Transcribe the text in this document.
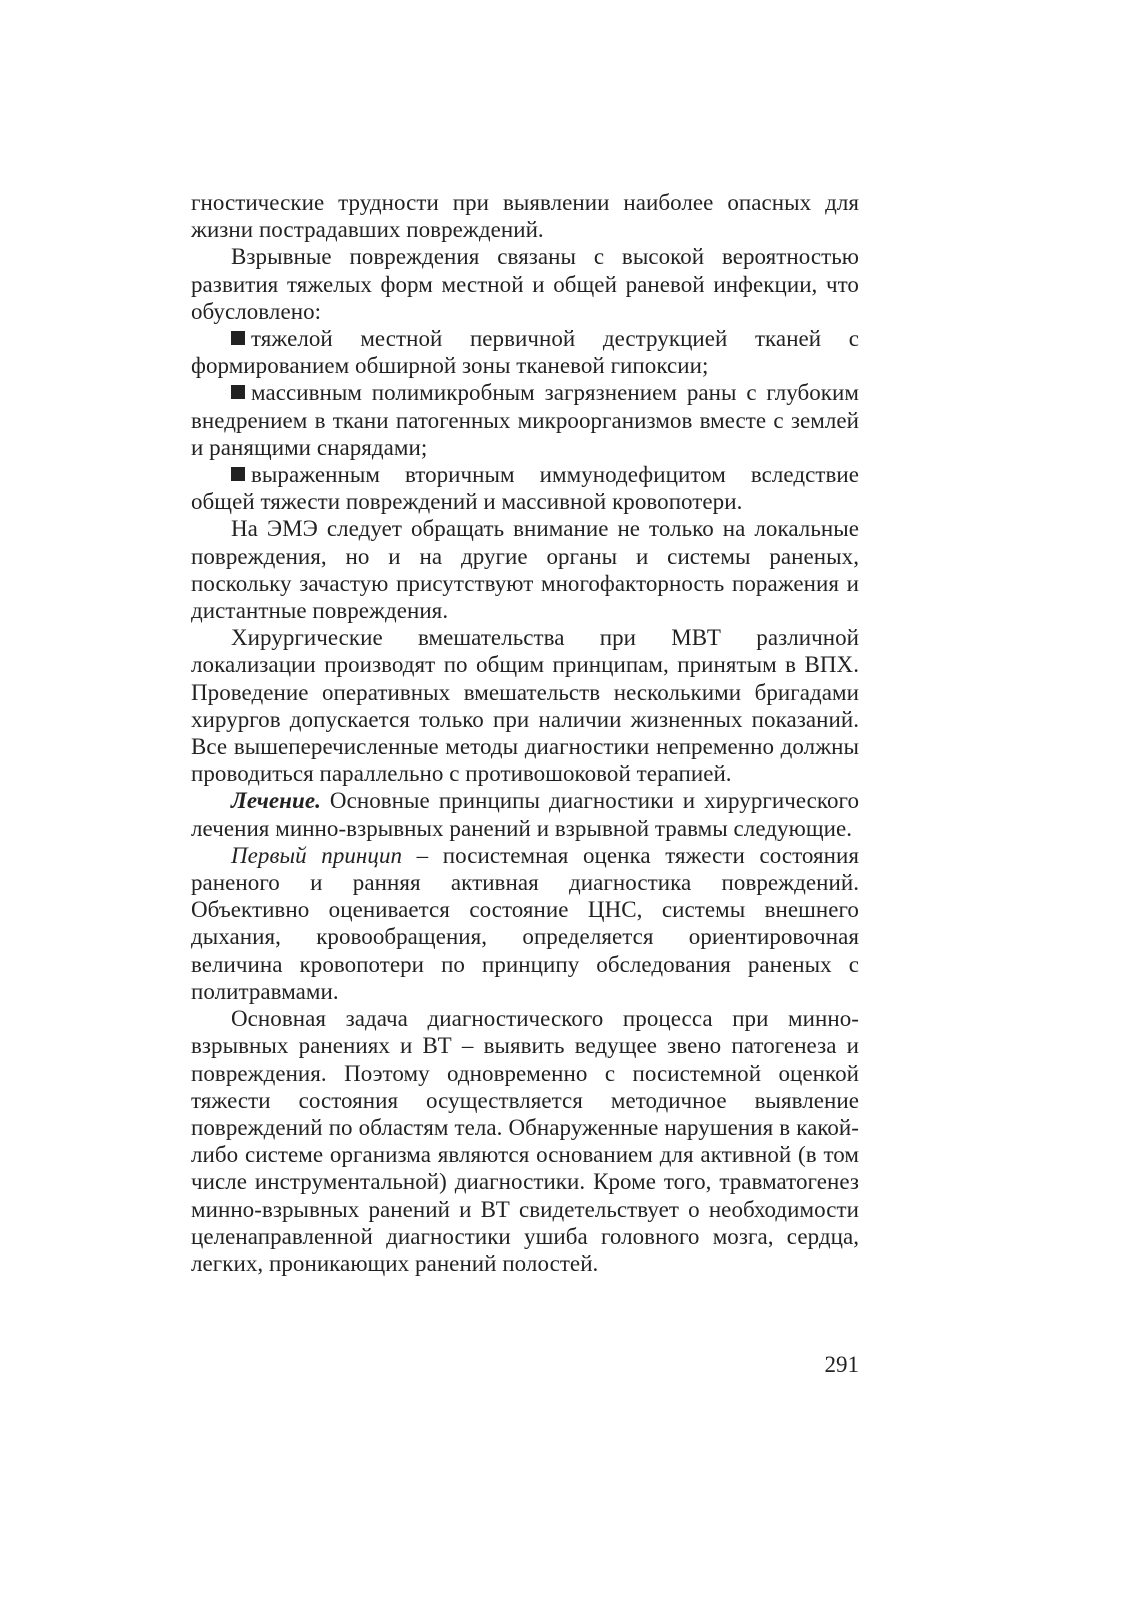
гностические трудности при выявлении наиболее опасных для жизни пострадавших повреждений.

Взрывные повреждения связаны с высокой вероятностью развития тяжелых форм местной и общей раневой инфекции, что обусловлено:

тяжелой местной первичной деструкцией тканей с формированием обширной зоны тканевой гипоксии;

массивным полимикробным загрязнением раны с глубоким внедрением в ткани патогенных микроорганизмов вместе с землей и ранящими снарядами;

выраженным вторичным иммунодефицитом вследствие общей тяжести повреждений и массивной кровопотери.

На ЭМЭ следует обращать внимание не только на локальные повреждения, но и на другие органы и системы раненых, поскольку зачастую присутствуют многофакторность поражения и дистантные повреждения.

Хирургические вмешательства при МВТ различной локализации производят по общим принципам, принятым в ВПХ. Проведение оперативных вмешательств несколькими бригадами хирургов допускается только при наличии жизненных показаний. Все вышеперечисленные методы диагностики непременно должны проводиться параллельно с противошоковой терапией.

Лечение. Основные принципы диагностики и хирургического лечения минно-взрывных ранений и взрывной травмы следующие.

Первый принцип – посистемная оценка тяжести состояния раненого и ранняя активная диагностика повреждений. Объективно оценивается состояние ЦНС, системы внешнего дыхания, кровообращения, определяется ориентировочная величина кровопотери по принципу обследования раненых с политравмами.

Основная задача диагностического процесса при минно-взрывных ранениях и ВТ – выявить ведущее звено патогенеза и повреждения. Поэтому одновременно с посистемной оценкой тяжести состояния осуществляется методичное выявление повреждений по областям тела. Обнаруженные нарушения в какой-либо системе организма являются основанием для активной (в том числе инструментальной) диагностики. Кроме того, травматогенез минно-взрывных ранений и ВТ свидетельствует о необходимости целенаправленной диагностики ушиба головного мозга, сердца, легких, проникающих ранений полостей.

291
